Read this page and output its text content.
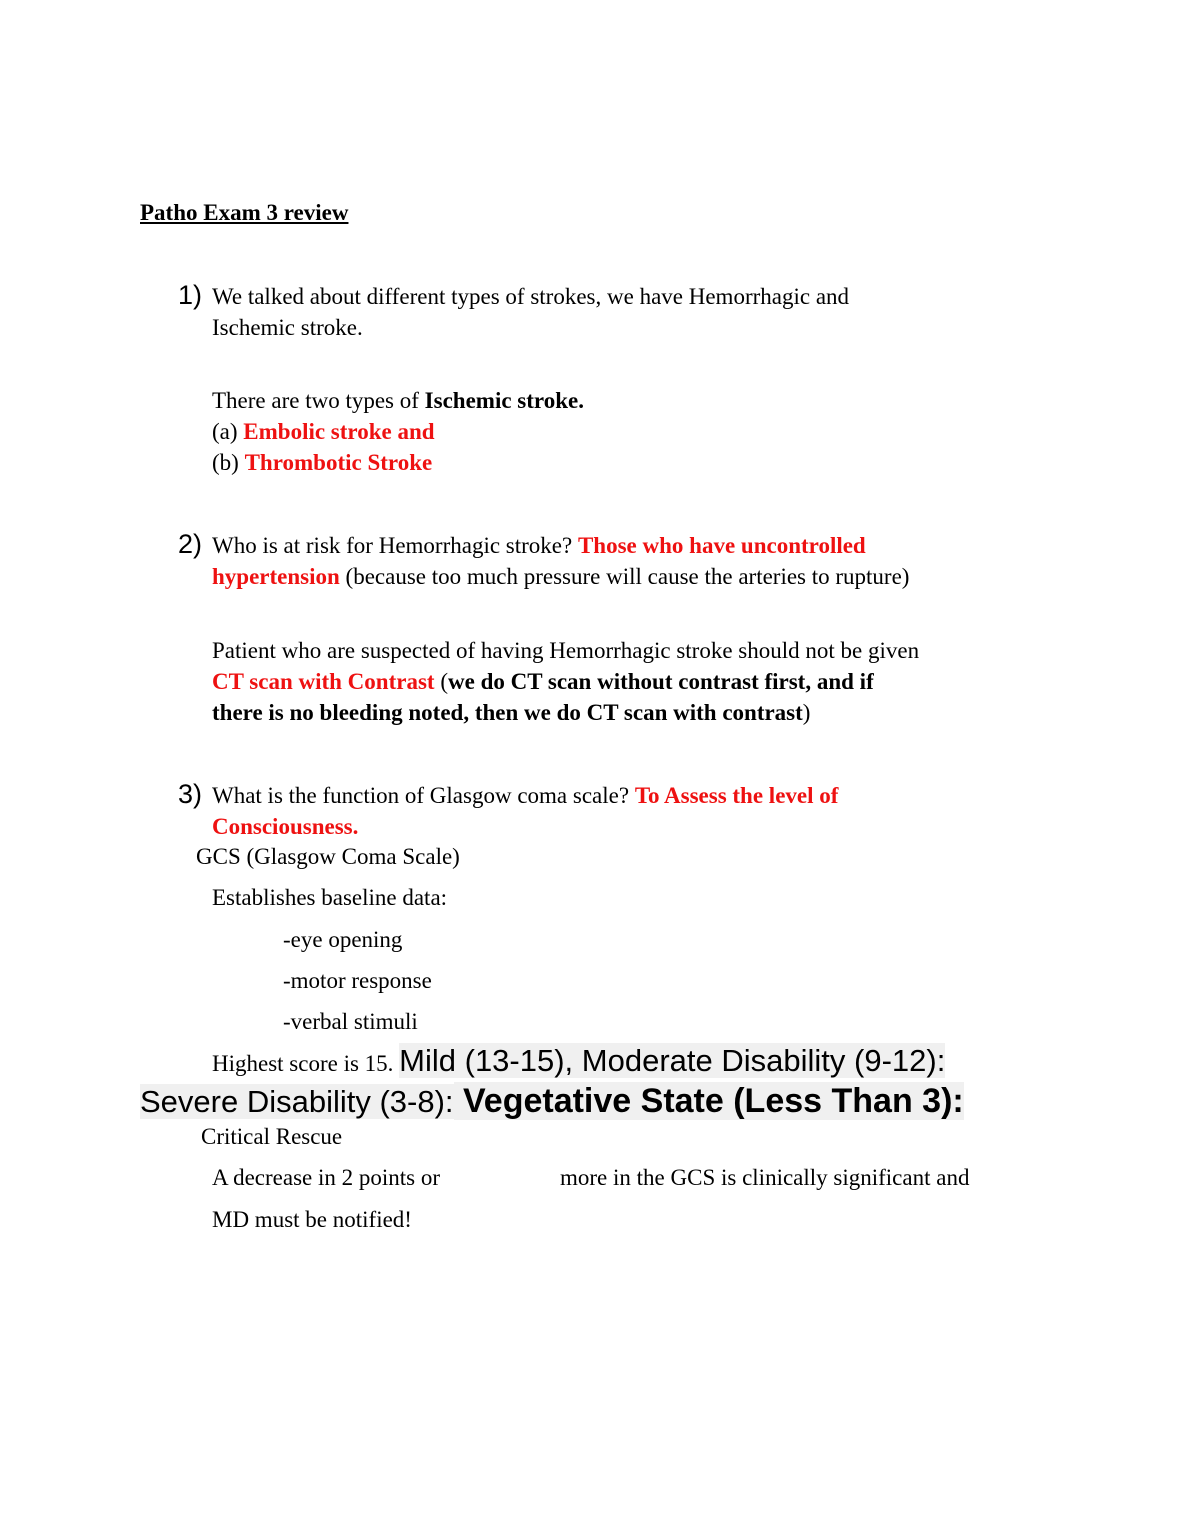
Patho Exam 3 review
1) We talked about different types of strokes, we have Hemorrhagic and
Ischemic stroke.
There are two types of Ischemic stroke.
(a) Embolic stroke and
(b) Thrombotic Stroke
2) Who is at risk for Hemorrhagic stroke? Those who have uncontrolled
hypertension (because too much pressure will cause the arteries to rupture)
Patient who are suspected of having Hemorrhagic stroke should not be given
CT scan with Contrast (we do CT scan without contrast first, and if
there is no bleeding noted, then we do CT scan with contrast)
3) What is the function of Glasgow coma scale? To Assess the level of
Consciousness.
GCS (Glasgow Coma Scale)
Establishes baseline data:
-eye opening
-motor response
-verbal stimuli
Highest score is 15. Mild (13-15), Moderate Disability (9-12):
Severe Disability (3-8): Vegetative State (Less Than 3):
Critical Rescue
A decrease in 2 points or	more in the GCS is clinically significant and
MD must be notified!
